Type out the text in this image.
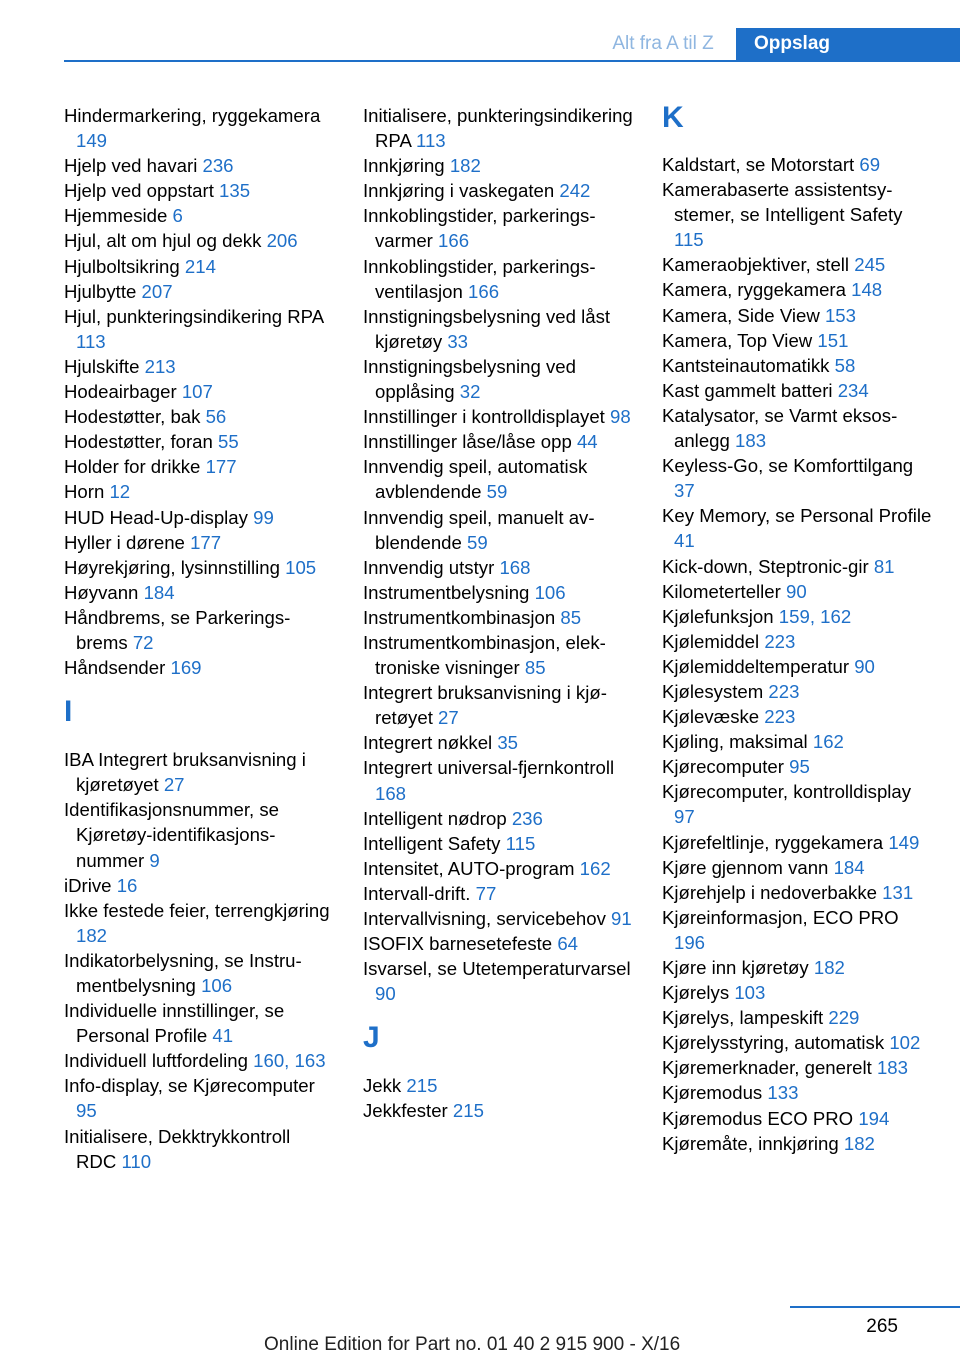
Alt fra A til Z	Oppslag
Hindermarkering, ryggekamera 149
Hjelp ved havari 236
Hjelp ved oppstart 135
Hjemmeside 6
Hjul, alt om hjul og dekk 206
Hjulboltsikring 214
Hjulbytte 207
Hjul, punkteringsindikering RPA 113
Hjulskifte 213
Hodeairbager 107
Hodestøtter, bak 56
Hodestøtter, foran 55
Holder for drikke 177
Horn 12
HUD Head-Up-display 99
Hyller i dørene 177
Høyrekjøring, lysinnstilling 105
Høyvann 184
Håndbrems, se Parkeringsbrems 72
Håndsender 169
I
IBA Integrert bruksanvisning i kjøretøyet 27
Identifikasjonsnummer, se Kjøretøy-identifikasjonsnummer 9
iDrive 16
Ikke festede feier, terrengkjøring 182
Indikatorbelysning, se Instrumentbelysning 106
Individuelle innstillinger, se Personal Profile 41
Individuell luftfordeling 160, 163
Info-display, se Kjørecomputer 95
Initialisere, Dekktrykkontroll RDC 110
Initialisere, punkteringsindikering RPA 113
Innkjøring 182
Innkjøring i vaskegaten 242
Innkoblingstider, parkeringsvarmer 166
Innkoblingstider, parkeringsventilasjon 166
Innstigningsbelysning ved låst kjøretøy 33
Innstigningsbelysning ved opplåsing 32
Innstillinger i kontrolldisplayet 98
Innstillinger låse/låse opp 44
Innvendig speil, automatisk avblendende 59
Innvendig speil, manuelt avblendende 59
Innvendig utstyr 168
Instrumentbelysning 106
Instrumentkombinasjon 85
Instrumentkombinasjon, elektroniske visninger 85
Integrert bruksanvisning i kjøretøyet 27
Integrert nøkkel 35
Integrert universal-fjernkontroll 168
Intelligent nødrop 236
Intelligent Safety 115
Intensitet, AUTO-program 162
Intervall-drift. 77
Intervallvisning, servicebehov 91
ISOFIX barnesetefeste 64
Isvarsel, se Utetemperaturvarsel 90
J
Jekk 215
Jekkfester 215
K
Kaldstart, se Motorstart 69
Kamerabaserte assistentsystemer, se Intelligent Safety 115
Kameraobjektiver, stell 245
Kamera, ryggekamera 148
Kamera, Side View 153
Kamera, Top View 151
Kantsteinautomatikk 58
Kast gammelt batteri 234
Katalysator, se Varmt eksosanlegg 183
Keyless-Go, se Komforttilgang 37
Key Memory, se Personal Profile 41
Kick-down, Steptronic-gir 81
Kilometerteller 90
Kjølefunksjon 159, 162
Kjølemiddel 223
Kjølemiddeltemperatur 90
Kjølesystem 223
Kjølevæske 223
Kjøling, maksimal 162
Kjørecomputer 95
Kjørecomputer, kontrolldisplay 97
Kjørefeltlinje, ryggekamera 149
Kjøre gjennom vann 184
Kjørehjelp i nedoverbakke 131
Kjøreinformasjon, ECO PRO 196
Kjøre inn kjøretøy 182
Kjørelys 103
Kjørelys, lampeskift 229
Kjørelysstyring, automatisk 102
Kjøremerknader, generelt 183
Kjøremodus 133
Kjøremodus ECO PRO 194
Kjøremåte, innkjøring 182
265
Online Edition for Part no. 01 40 2 915 900 - X/16
